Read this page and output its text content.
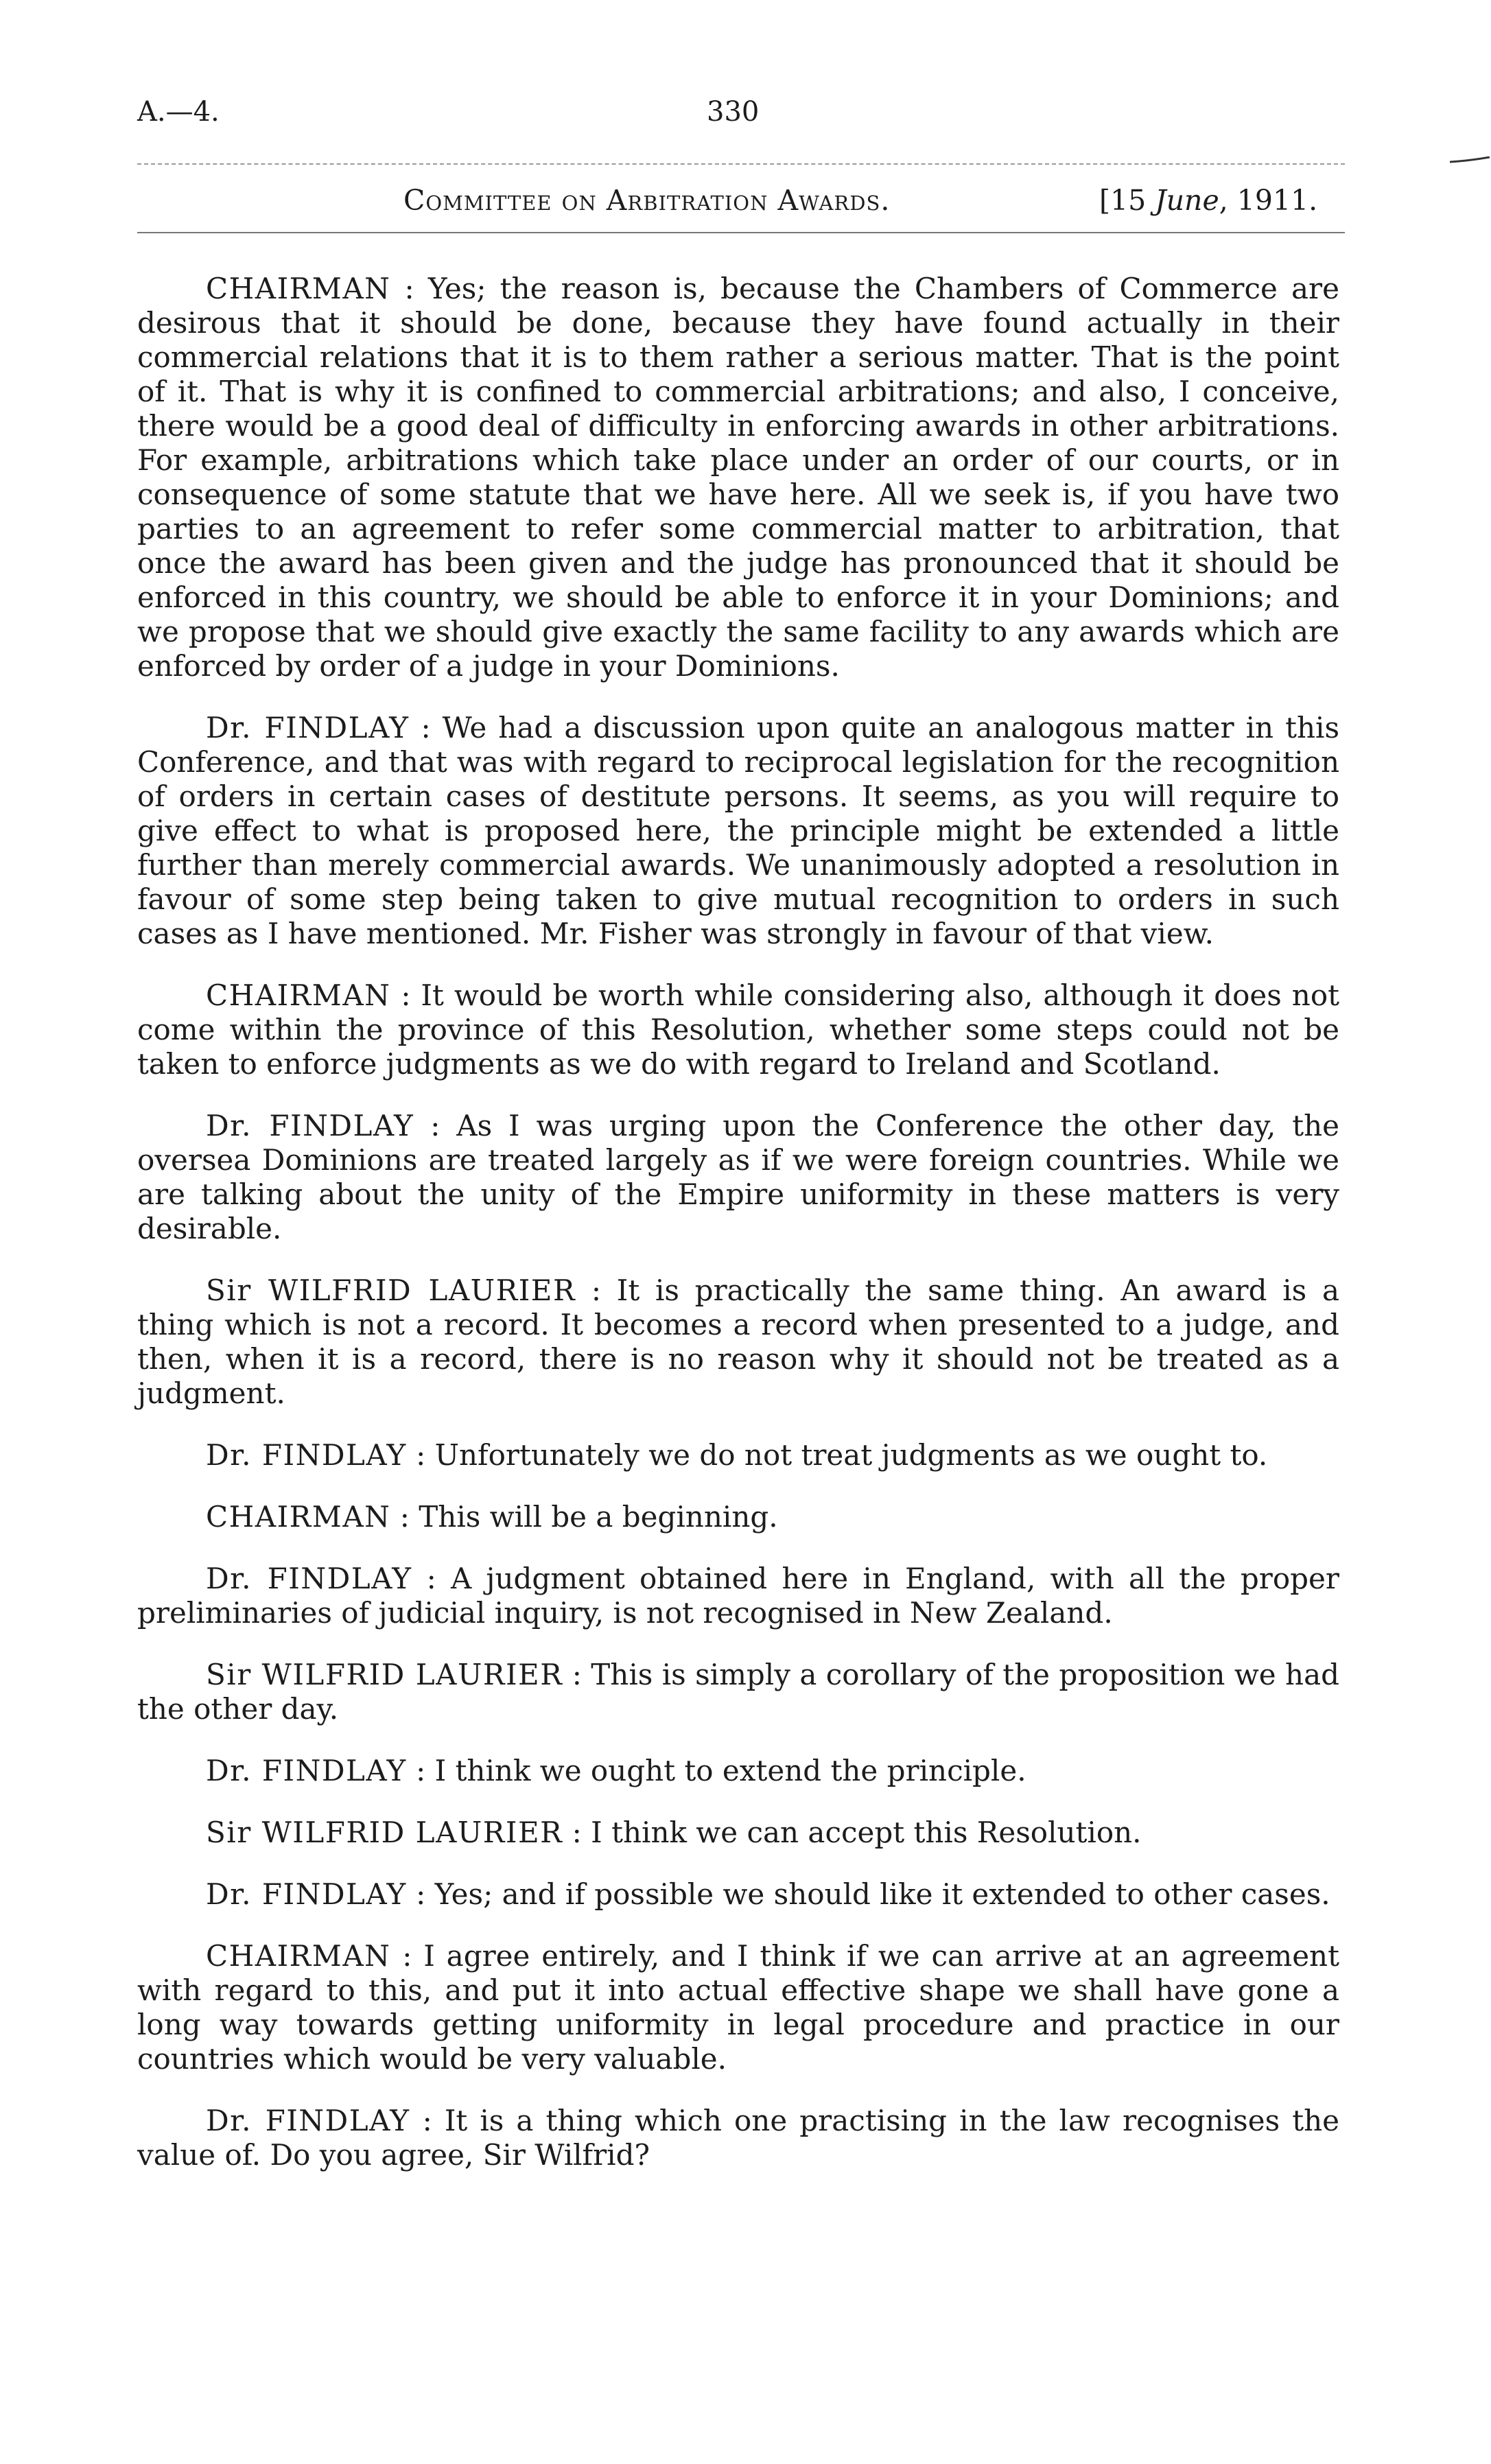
A.—4.	330
Committee on Arbitration Awards.	[15 June, 1911.

CHAIRMAN : Yes; the reason is, because the Chambers of Commerce are desirous that it should be done, because they have found actually in their commercial relations that it is to them rather a serious matter. That is the point of it. That is why it is confined to commercial arbitrations; and also, I conceive, there would be a good deal of difficulty in enforcing awards in other arbitrations. For example, arbitrations which take place under an order of our courts, or in consequence of some statute that we have here. All we seek is, if you have two parties to an agreement to refer some commercial matter to arbitration, that once the award has been given and the judge has pronounced that it should be enforced in this country, we should be able to enforce it in your Dominions; and we propose that we should give exactly the same facility to any awards which are enforced by order of a judge in your Dominions.

Dr. FINDLAY : We had a discussion upon quite an analogous matter in this Conference, and that was with regard to reciprocal legislation for the recognition of orders in certain cases of destitute persons. It seems, as you will require to give effect to what is proposed here, the principle might be extended a little further than merely commercial awards. We unanimously adopted a resolution in favour of some step being taken to give mutual recognition to orders in such cases as I have mentioned. Mr. Fisher was strongly in favour of that view.

CHAIRMAN : It would be worth while considering also, although it does not come within the province of this Resolution, whether some steps could not be taken to enforce judgments as we do with regard to Ireland and Scotland.

Dr. FINDLAY : As I was urging upon the Conference the other day, the oversea Dominions are treated largely as if we were foreign countries. While we are talking about the unity of the Empire uniformity in these matters is very desirable.

Sir WILFRID LAURIER : It is practically the same thing. An award is a thing which is not a record. It becomes a record when presented to a judge, and then, when it is a record, there is no reason why it should not be treated as a judgment.

Dr. FINDLAY : Unfortunately we do not treat judgments as we ought to.

CHAIRMAN : This will be a beginning.

Dr. FINDLAY : A judgment obtained here in England, with all the proper preliminaries of judicial inquiry, is not recognised in New Zealand.

Sir WILFRID LAURIER : This is simply a corollary of the proposition we had the other day.

Dr. FINDLAY : I think we ought to extend the principle.

Sir WILFRID LAURIER : I think we can accept this Resolution.

Dr. FINDLAY : Yes; and if possible we should like it extended to other cases.

CHAIRMAN : I agree entirely, and I think if we can arrive at an agreement with regard to this, and put it into actual effective shape we shall have gone a long way towards getting uniformity in legal procedure and practice in our countries which would be very valuable.

Dr. FINDLAY : It is a thing which one practising in the law recognises the value of. Do you agree, Sir Wilfrid?
